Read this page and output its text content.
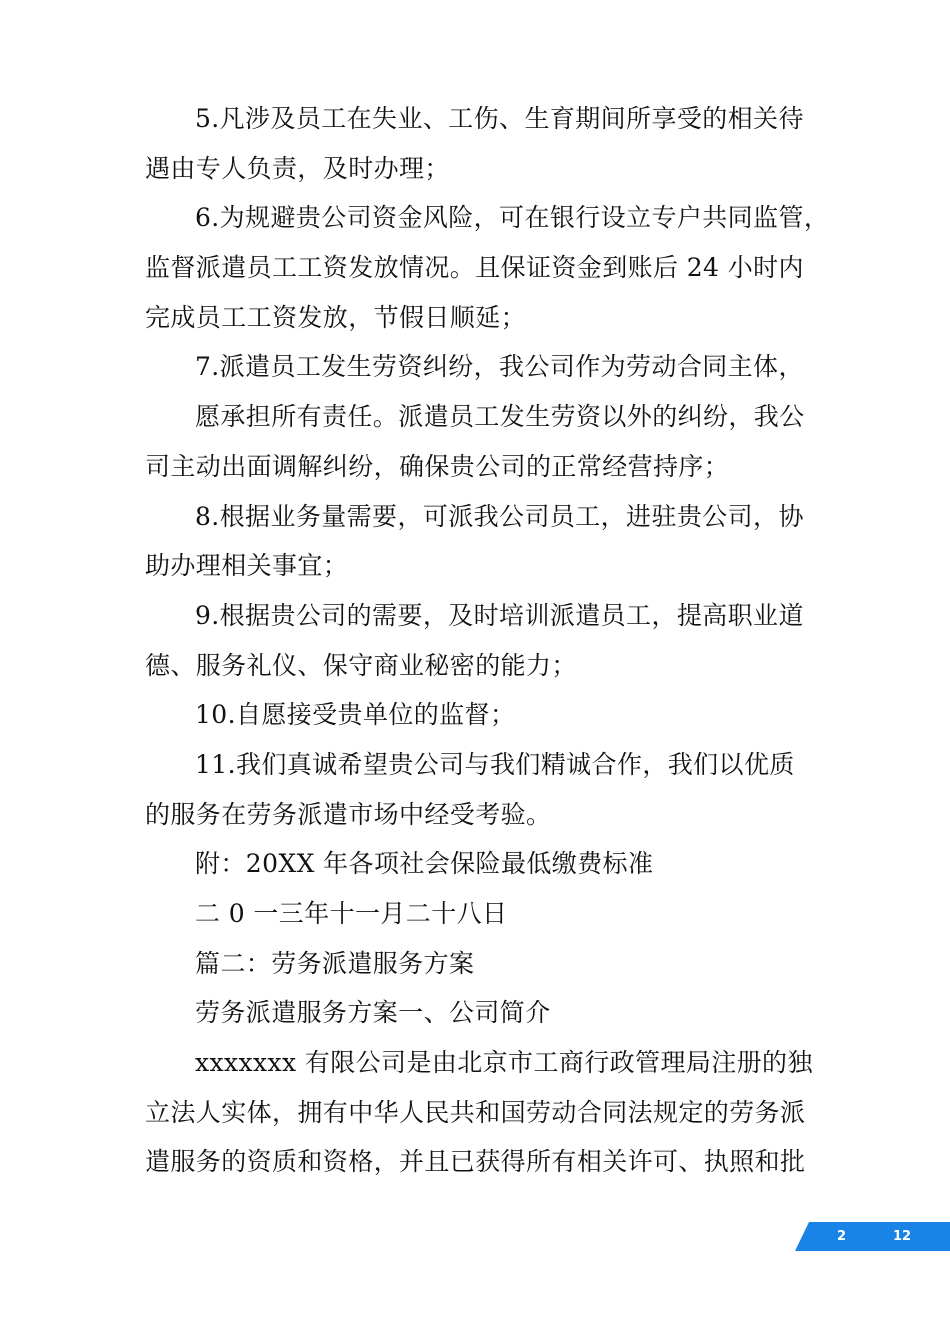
5.凡涉及员工在失业、工伤、生育期间所享受的相关待
遇由专人负责，及时办理；
6.为规避贵公司资金风险，可在银行设立专户共同监管，
监督派遣员工工资发放情况。且保证资金到账后 24 小时内
完成员工工资发放，节假日顺延；
7.派遣员工发生劳资纠纷，我公司作为劳动合同主体，
愿承担所有责任。派遣员工发生劳资以外的纠纷，我公
司主动出面调解纠纷，确保贵公司的正常经营持序；
8.根据业务量需要，可派我公司员工，进驻贵公司，协
助办理相关事宜；
9.根据贵公司的需要，及时培训派遣员工，提高职业道
德、服务礼仪、保守商业秘密的能力；
10.自愿接受贵单位的监督；
11.我们真诚希望贵公司与我们精诚合作，我们以优质
的服务在劳务派遣市场中经受考验。
附：20XX 年各项社会保险最低缴费标准
二 0 一三年十一月二十八日
篇二：劳务派遣服务方案
劳务派遣服务方案一、公司简介
xxxxxxx 有限公司是由北京市工商行政管理局注册的独
立法人实体，拥有中华人民共和国劳动合同法规定的劳务派
遣服务的资质和资格，并且已获得所有相关许可、执照和批
2	12
